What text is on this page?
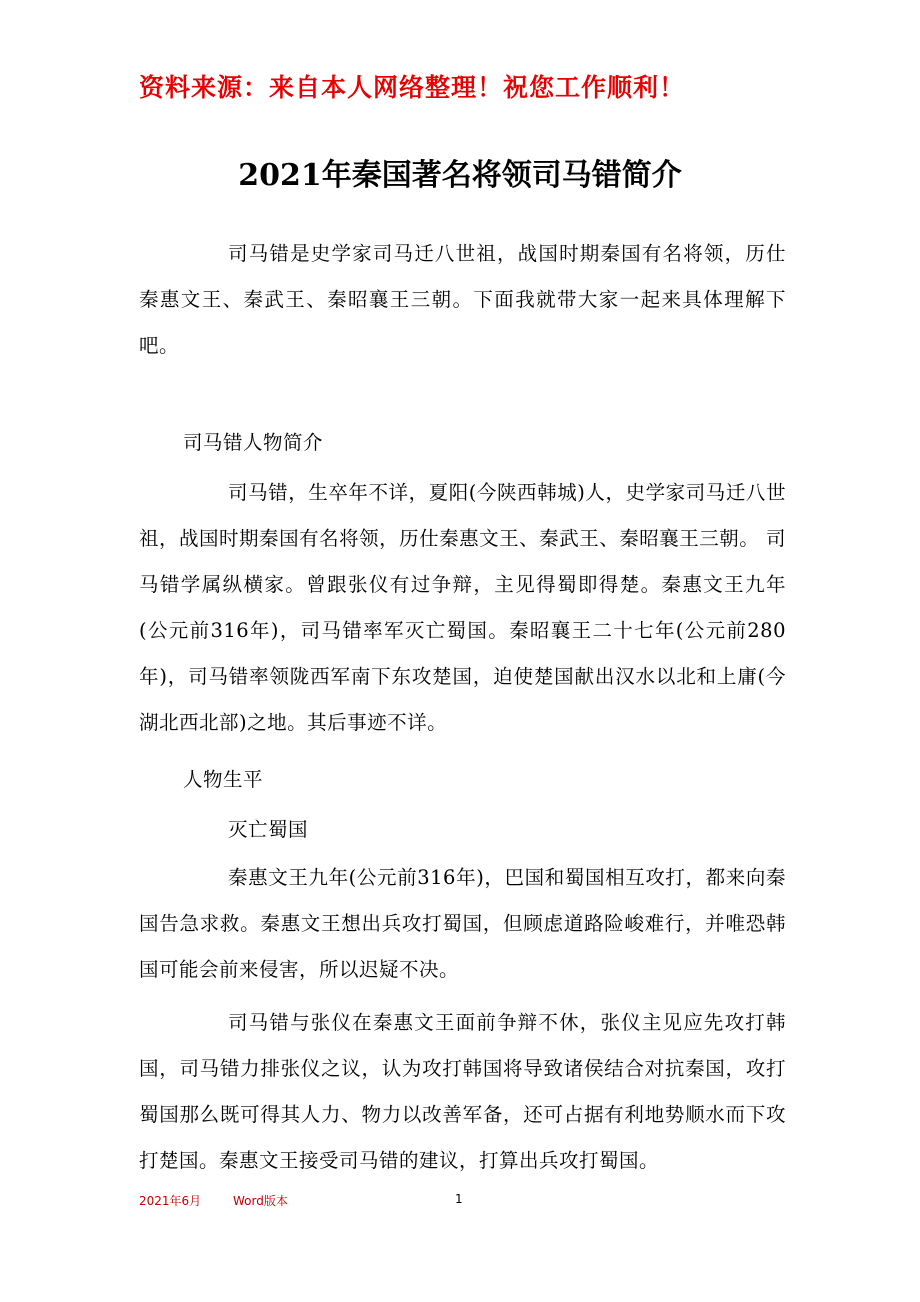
资料来源：来自本人网络整理！祝您工作顺利！
2021年秦国著名将领司马错简介

司马错是史学家司马迁八世祖，战国时期秦国有名将领，历仕秦惠文王、秦武王、秦昭襄王三朝。下面我就带大家一起来具体理解下吧。

司马错人物简介

司马错，生卒年不详，夏阳(今陕西韩城)人，史学家司马迁八世祖，战国时期秦国有名将领，历仕秦惠文王、秦武王、秦昭襄王三朝。 司马错学属纵横家。曾跟张仪有过争辩，主见得蜀即得楚。秦惠文王九年(公元前316年)，司马错率军灭亡蜀国。秦昭襄王二十七年(公元前280年)，司马错率领陇西军南下东攻楚国，迫使楚国献出汉水以北和上庸(今湖北西北部)之地。其后事迹不详。

人物生平
灭亡蜀国

秦惠文王九年(公元前316年)，巴国和蜀国相互攻打，都来向秦国告急求救。秦惠文王想出兵攻打蜀国，但顾虑道路险峻难行，并唯恐韩国可能会前来侵害，所以迟疑不决。

司马错与张仪在秦惠文王面前争辩不休，张仪主见应先攻打韩国，司马错力排张仪之议，认为攻打韩国将导致诸侯结合对抗秦国，攻打蜀国那么既可得其人力、物力以改善军备，还可占据有利地势顺水而下攻打楚国。秦惠文王接受司马错的建议，打算出兵攻打蜀国。

2021年6月	Word版本	1
